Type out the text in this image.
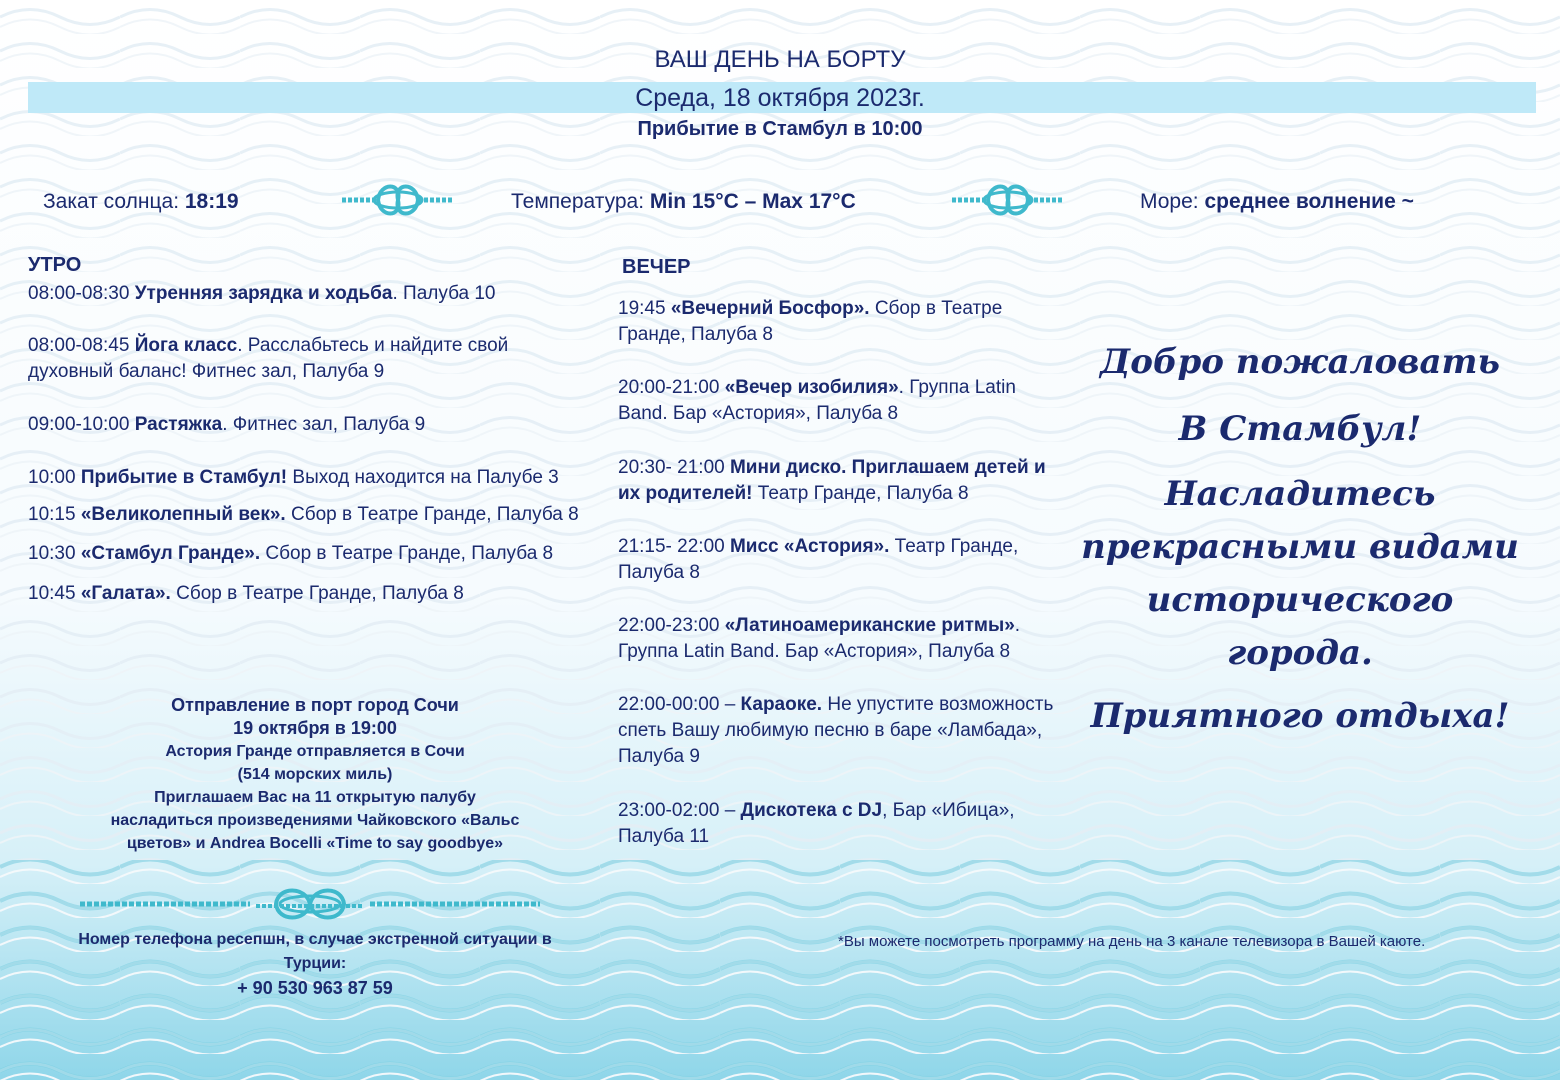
ВАШ ДЕНЬ НА БОРТУ
Среда, 18 октября 2023г.
Прибытие в Стамбул в 10:00
Закат солнца: 18:19	Температура: Min 15°C – Max 17°C	Море: среднее волнение ~
УТРО
08:00-08:30 Утренняя зарядка и ходьба. Палуба 10
08:00-08:45 Йога класс. Расслабьтесь и найдите свой духовный баланс! Фитнес зал, Палуба 9
09:00-10:00 Растяжка. Фитнес зал, Палуба 9
10:00 Прибытие в Стамбул! Выход находится на Палубе 3
10:15 «Великолепный век». Сбор в Театре Гранде, Палуба 8
10:30 «Стамбул Гранде». Сбор в Театре Гранде, Палуба 8
10:45 «Галата». Сбор в Театре Гранде, Палуба 8
ВЕЧЕР
19:45 «Вечерний Босфор». Сбор в Театре Гранде, Палуба 8
20:00-21:00 «Вечер изобилия». Группа Latin Band. Бар «Астория», Палуба 8
20:30- 21:00 Мини диско. Приглашаем детей и их родителей! Театр Гранде, Палуба 8
21:15- 22:00 Мисс «Астория». Театр Гранде, Палуба 8
22:00-23:00 «Латиноамериканские ритмы». Группа Latin Band. Бар «Астория», Палуба 8
22:00-00:00 – Караоке. Не упустите возможность спеть Вашу любимую песню в баре «Ламбада», Палуба 9
23:00-02:00 – Дискотека с DJ, Бар «Ибица», Палуба 11
Добро пожаловать
В Стамбул!
Насладитесь
прекрасными видами
исторического города.
Приятного отдыха!
Отправление в порт город Сочи
19 октября в 19:00
Астория Гранде отправляется в Сочи
(514 морских миль)
Приглашаем Вас на 11 открытую палубу насладиться произведениями Чайковского «Вальс цветов» и Andrea Bocelli «Time to say goodbye»
Номер телефона ресепшн, в случае экстренной ситуации в Турции:
+ 90 530 963 87 59
*Вы можете посмотреть программу на день на 3 канале телевизора в Вашей каюте.
